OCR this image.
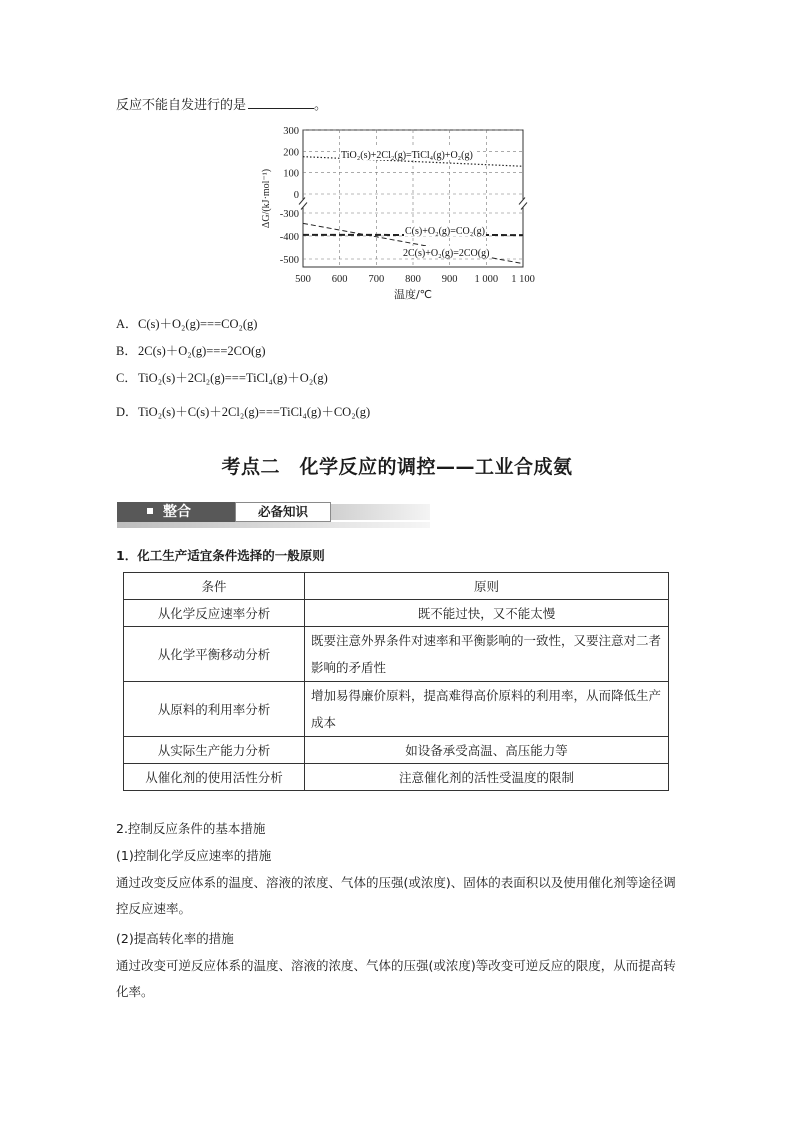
反应不能自发进行的是	。
500 600 700 800 900 1 000 1 100
300
200
100
0
-300
-400
-500
温度/℃
ΔG/(kJ·mol⁻¹)
TiO₂(s)+2Cl₂(g)=TiCl₄(g)+O₂(g)
C(s)+O₂(g)=CO₂(g)
2C(s)+O₂(g)=2CO(g)
A．C(s)＋O₂(g)===CO₂(g)
B．2C(s)＋O₂(g)===2CO(g)
C．TiO₂(s)＋2Cl₂(g)===TiCl₄(g)＋O₂(g)
D．TiO₂(s)＋C(s)＋2Cl₂(g)===TiCl₄(g)＋CO₂(g)
考点二　化学反应的调控——工业合成氨
整合	必备知识
1．化工生产适宜条件选择的一般原则
条件	原则
从化学反应速率分析	既不能过快，又不能太慢
从化学平衡移动分析	既要注意外界条件对速率和平衡影响的一致性，又要注意对二者影响的矛盾性
从原料的利用率分析	增加易得廉价原料，提高难得高价原料的利用率，从而降低生产成本
从实际生产能力分析	如设备承受高温、高压能力等
从催化剂的使用活性分析	注意催化剂的活性受温度的限制
2.控制反应条件的基本措施
(1)控制化学反应速率的措施
通过改变反应体系的温度、溶液的浓度、气体的压强(或浓度)、固体的表面积以及使用催化剂等途径调控反应速率。
(2)提高转化率的措施
通过改变可逆反应体系的温度、溶液的浓度、气体的压强(或浓度)等改变可逆反应的限度，从而提高转化率。
